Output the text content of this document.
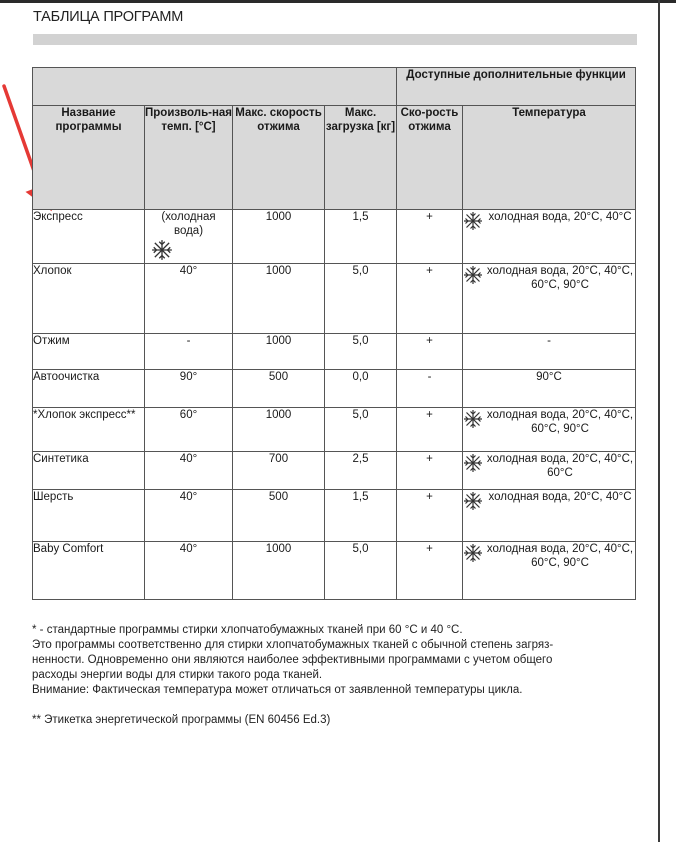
ТАБЛИЦА ПРОГРАММ
				Доступные дополнительные функции	
Название программы	Произволь-ная темп. [°C]	Макс. скорость отжима	Макс. загрузка [кг]	Ско-рость отжима	Температура
Экспресс	(холодная вода)	1000	1,5	+	холодная вода, 20°C, 40°C

Хлопок	40°	1000	5,0	+	холодная вода, 20°C, 40°C, 60°C, 90°C

Отжим	-	1000	5,0	+	-
Автоочистка	90°	500	0,0	-	90°C
*Хлопок экспресс**	60°	1000	5,0	+	холодная вода, 20°C, 40°C, 60°C, 90°C

Синтетика	40°	700	2,5	+	холодная вода, 20°C, 40°C, 60°C

Шерсть	40°	500	1,5	+	холодная вода, 20°C, 40°C

Baby Comfort	40°	1000	5,0	+	холодная вода, 20°C, 40°C, 60°C, 90°C

* - стандартные программы стирки хлопчатобумажных тканей при 60 °C и 40 °C.

Это программы соответственно для стирки хлопчатобумажных тканей с обычной степень загряз-

ненности. Одновременно они являются наиболее эффективными программами с учетом общего

расходы энергии воды для стирки такого рода тканей.

Внимание: Фактическая температура может отличаться от заявленной температуры цикла.

** Этикетка энергетической программы (EN 60456 Ed.3)
